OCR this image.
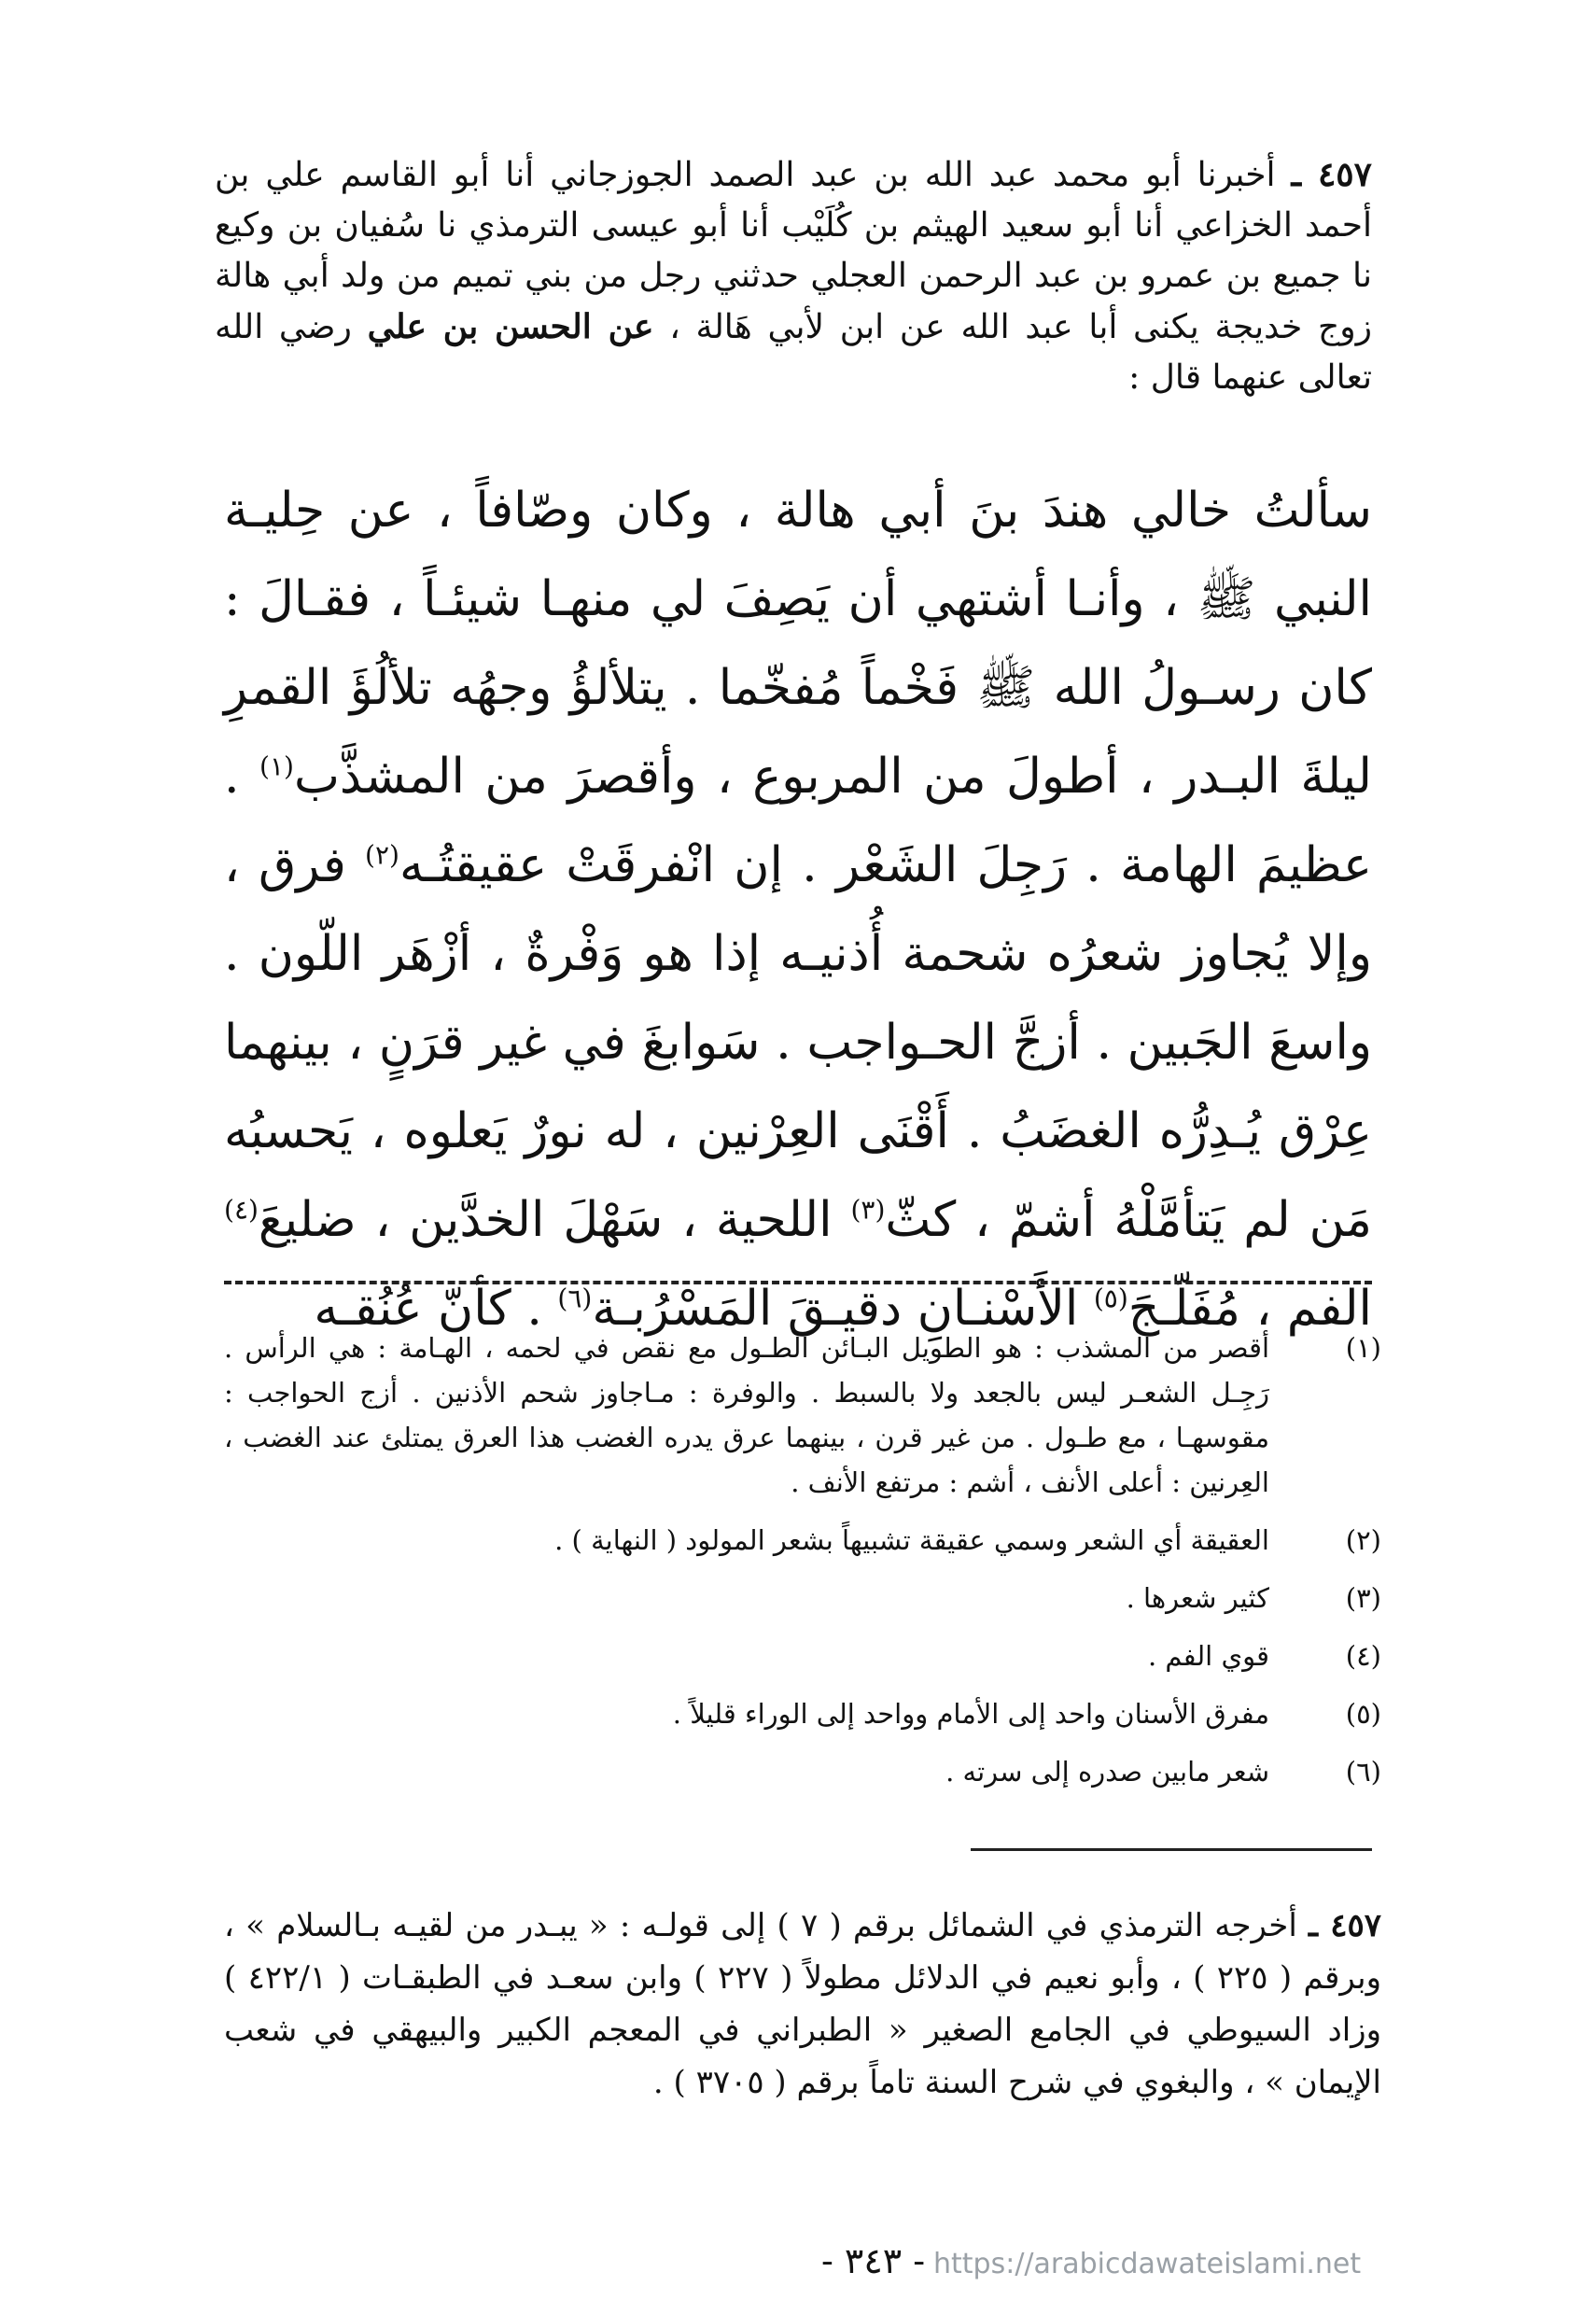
٤٥٧ ـ أخبرنا أبو محمد عبد الله بن عبد الصمد الجوزجاني أنا أبو القاسم علي بن أحمد الخزاعي أنا أبو سعيد الهيثم بن كُلَيْب أنا أبو عيسى الترمذي نا سُفيان بن وكيع نا جميع بن عمرو بن عبد الرحمن العجلي حدثني رجل من بني تميم من ولد أبي هالة زوج خديجة يكنى أبا عبد الله عن ابن لأبي هَالة ، عن الحسن بن علي رضي الله تعالى عنهما قال :

سألتُ خالي هندَ بنَ أبي هالة ، وكان وصّافاً ، عن حِليـة النبي ﷺ ، وأنـا أشتهي أن يَصِفَ لي منهـا شيئـاً ، فقـالَ : كان رسـولُ الله ﷺ فَخْماً مُفخّما . يتلألؤُ وجهُه تلألُؤَ القمرِ ليلةَ البـدر ، أطولَ من المربوع ، وأقصرَ من المشذَّب$^{(١)}$ . عظيمَ الهامة . رَجِلَ الشَعْر . إن انْفرقَتْ عقيقتُـه$^{(٢)}$ فرق ، وإلا يُجاوز شعرُه شحمة أُذنيـه إذا هو وَفْرةٌ ، أزْهَر اللّون . واسعَ الجَبين . أزجَّ الحـواجب . سَوابغَ في غير قرَنٍ ، بينهما عِرْق يُـدِرُّه الغضَبُ . أَقْنَى العِرْنين ، له نورٌ يَعلوه ، يَحسبُه مَن لم يَتأمَّلْهُ أشمّ ، كثّ$^{(٣)}$ اللحية ، سَهْلَ الخدَّين ، ضليعَ$^{(٤)}$ الفم ، مُفَلّـجَ$^{(٥)}$ الأَسْنـانِ دقيـقَ المَسْرُبـة$^{(٦)}$ . كأنّ عُنُقـه

(١)
أقصر من المشذب : هو الطويل البـائن الطـول مع نقص في لحمه ، الهـامة : هي الرأس . رَجِـل الشعـر ليس بالجعد ولا بالسبط . والوفرة : مـاجاوز شحم الأذنين . أزج الحواجب : مقوسهـا ، مع طـول . من غير قرن ، بينهما عرق يدره الغضب هذا العرق يمتلئ عند الغضب ، العِرنين : أعلى الأنف ، أشم : مرتفع الأنف .
(٢)
العقيقة أي الشعر وسمي عقيقة تشبيهاً بشعر المولود ( النهاية ) .
(٣)
كثير شعرها .
(٤)
قوي الفم .
(٥)
مفرق الأسنان واحد إلى الأمام وواحد إلى الوراء قليلاً .
(٦)
شعر مابين صدره إلى سرته .

٤٥٧ ـ أخرجه الترمذي في الشمائل برقم ( ٧ ) إلى قولـه : « يبـدر من لقيـه بـالسلام » ، وبرقم ( ٢٢٥ ) ، وأبو نعيم في الدلائل مطولاً ( ٢٢٧ ) وابن سعـد في الطبقـات ( ٤٢٢/١ ) وزاد السيوطي في الجامع الصغير « الطبراني في المعجم الكبير والبيهقي في شعب الإيمان » ، والبغوي في شرح السنة تاماً برقم ( ٣٧٠٥ ) .

- ٣٤٣ - https://arabicdawateislami.net
